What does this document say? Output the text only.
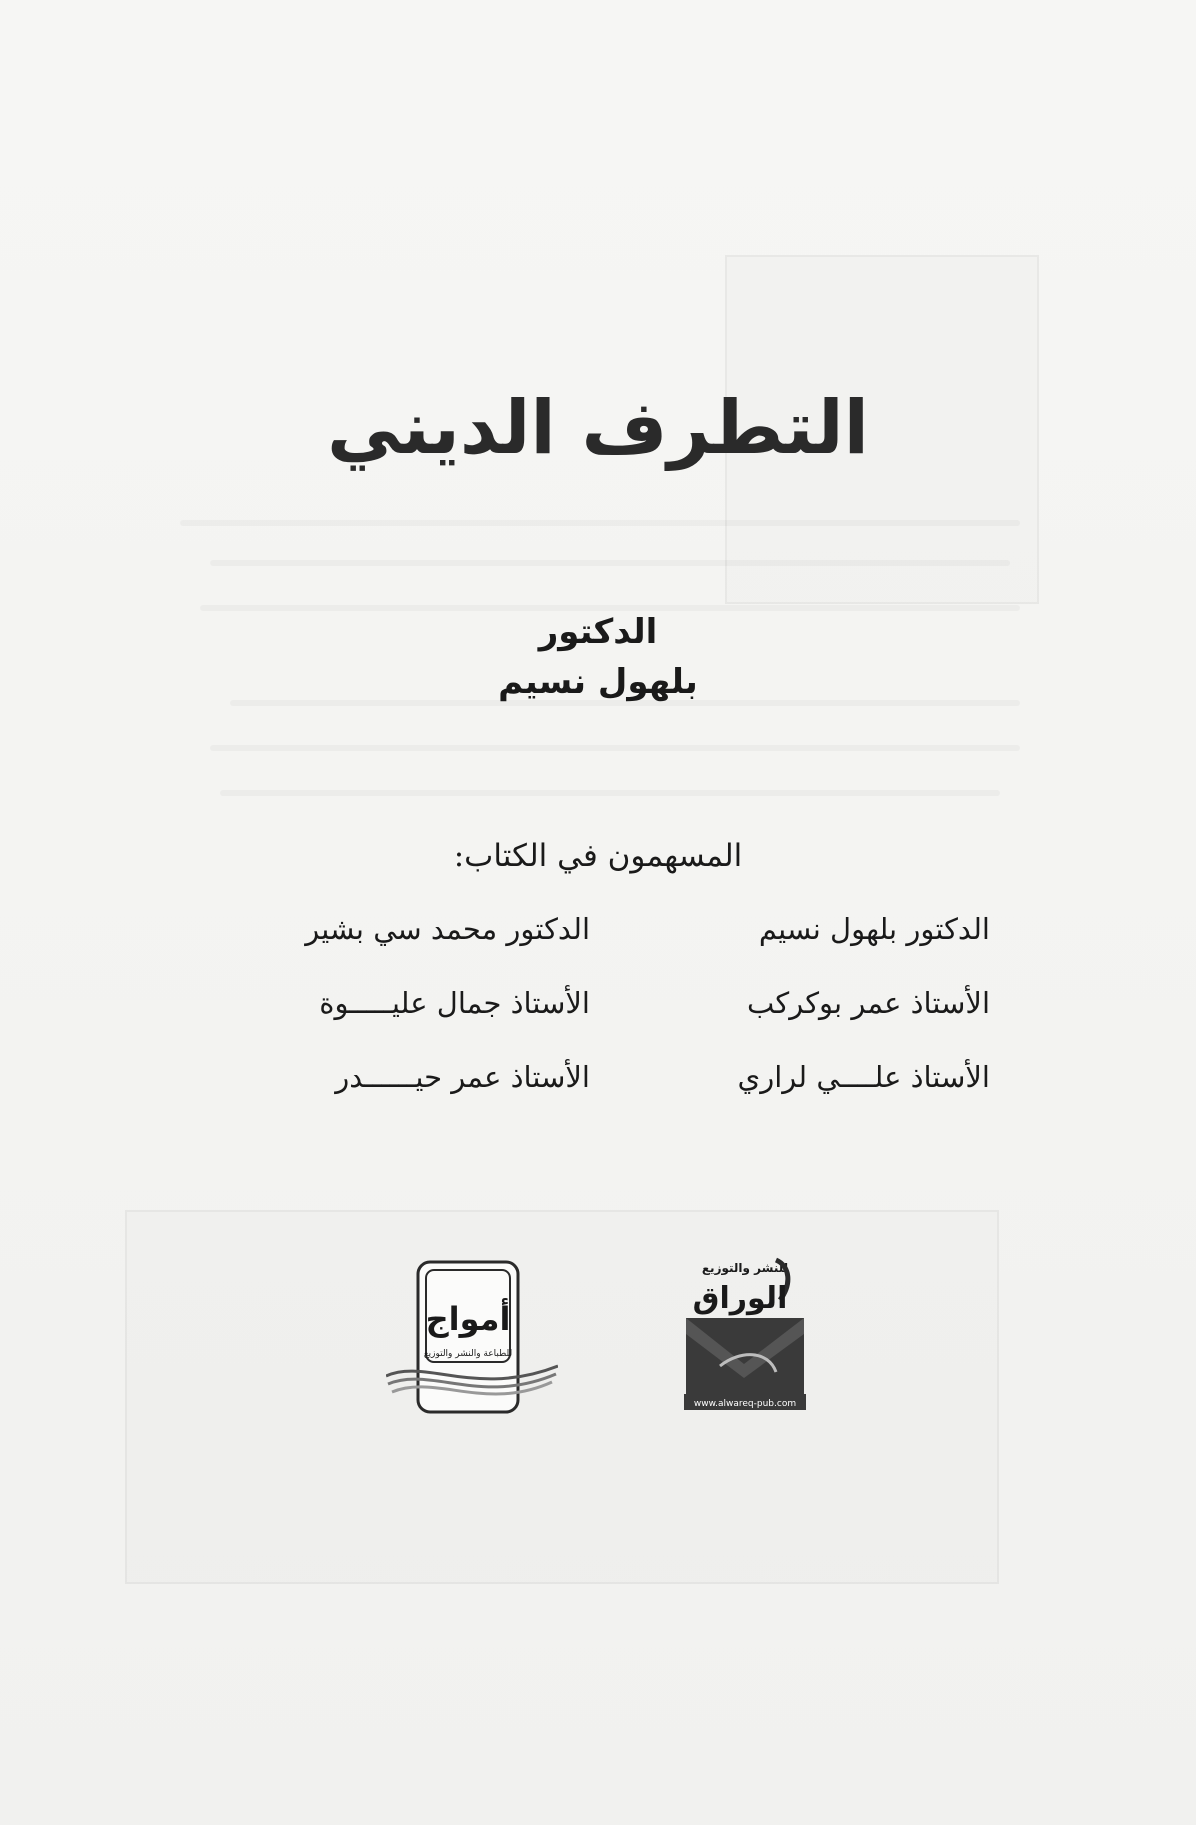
التطرف الديني
الدكتور
بلهول نسيم
المسهمون في الكتاب:
الدكتور بلهول نسيم
الدكتور محمد سي بشير
الأستاذ عمر بوكركب
الأستاذ جمال عليـــــوة
الأستاذ علــــي لراري
الأستاذ عمر حيــــــدر
أمواج
للطباعة والنشر والتوزيع
للنشر والتوزيع
الوراق
www.alwareq-pub.com
